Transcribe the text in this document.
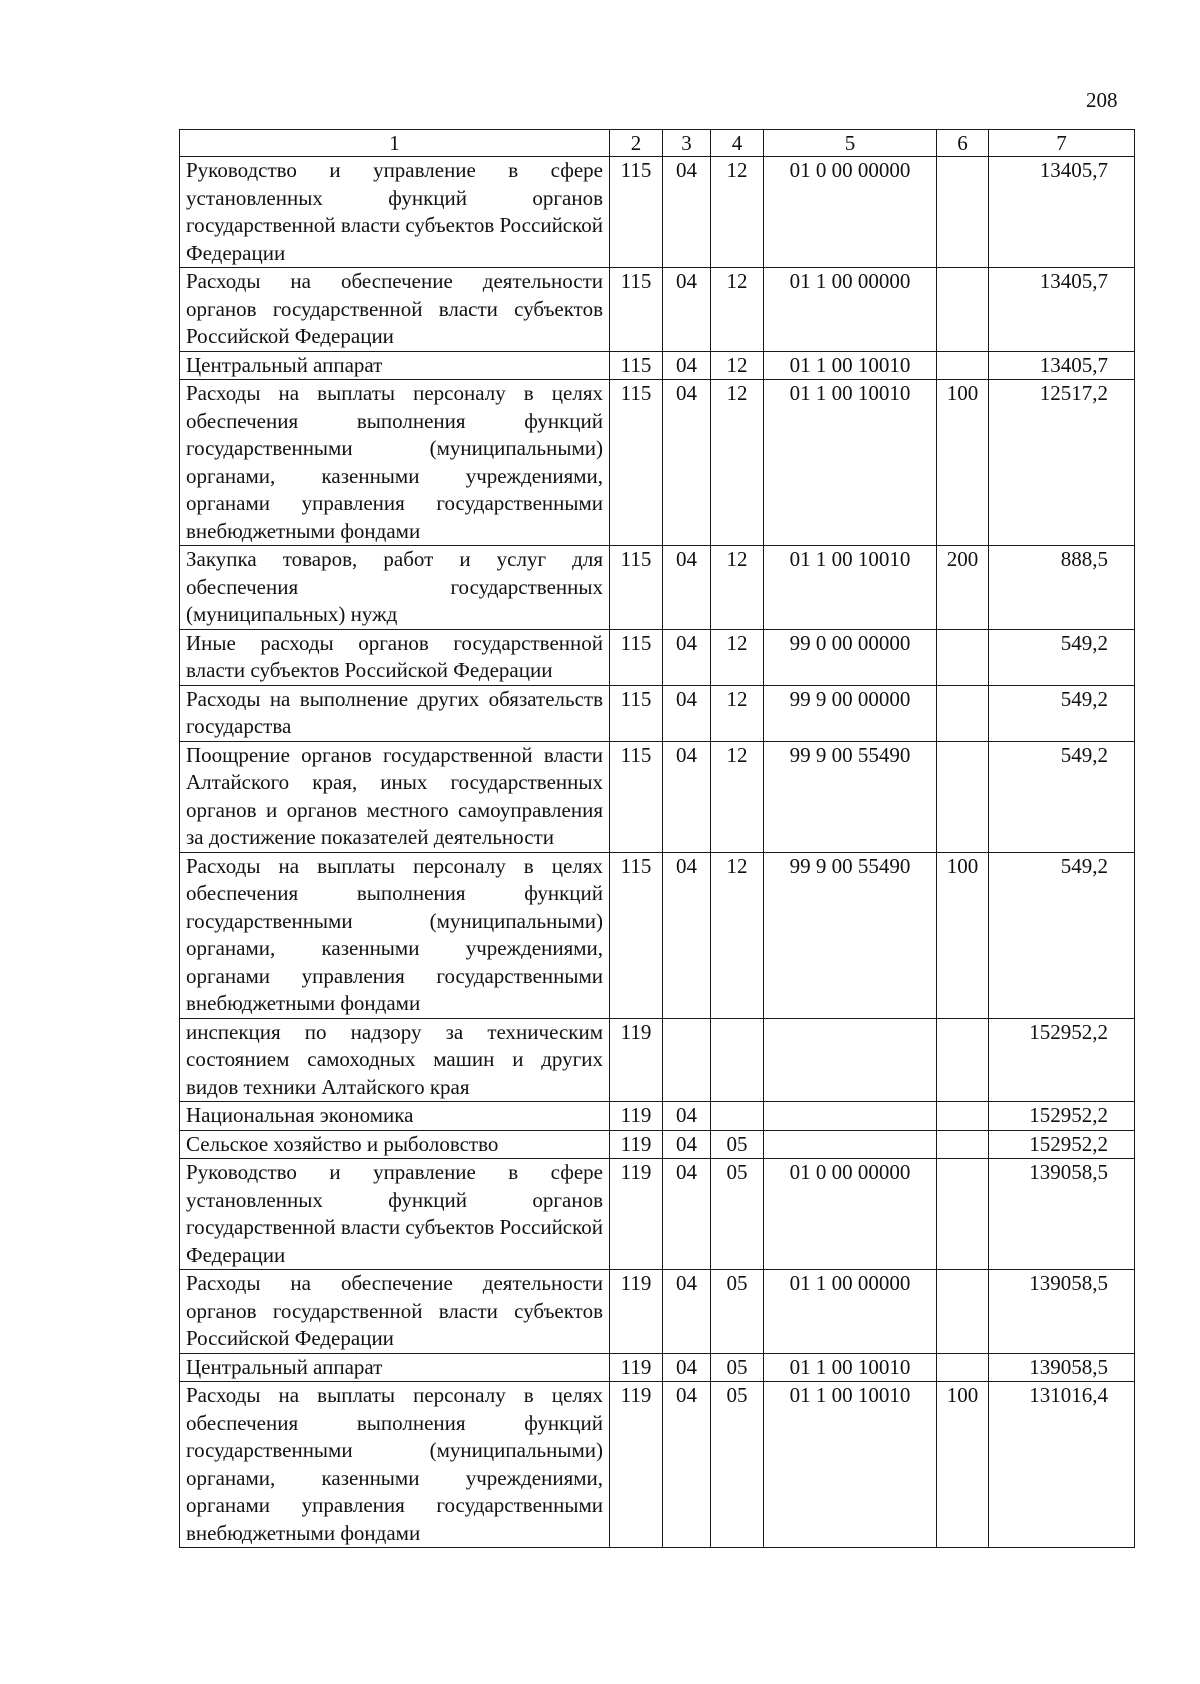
208
1	2	3	4	5	6	7
Руководство и управление в сфере установленных функций органов государственной власти субъектов Российской Федерации	115	04	12	01 0 00 00000		13405,7
Расходы на обеспечение деятельности органов государственной власти субъектов Российской Федерации	115	04	12	01 1 00 00000		13405,7
Центральный аппарат	115	04	12	01 1 00 10010		13405,7
Расходы на выплаты персоналу в целях обеспечения выполнения функций государственными (муниципальными) органами, казенными учреждениями, органами управления государственными внебюджетными фондами	115	04	12	01 1 00 10010	100	12517,2
Закупка товаров, работ и услуг для обеспечения государственных (муниципальных) нужд	115	04	12	01 1 00 10010	200	888,5
Иные расходы органов государственной власти субъектов Российской Федерации	115	04	12	99 0 00 00000		549,2
Расходы на выполнение других обязательств государства	115	04	12	99 9 00 00000		549,2
Поощрение органов государственной власти Алтайского края, иных государственных органов и органов местного самоуправления за достижение показателей деятельности	115	04	12	99 9 00 55490		549,2
Расходы на выплаты персоналу в целях обеспечения выполнения функций государственными (муниципальными) органами, казенными учреждениями, органами управления государственными внебюджетными фондами	115	04	12	99 9 00 55490	100	549,2
инспекция по надзору за техническим состоянием самоходных машин и других видов техники Алтайского края	119					152952,2
Национальная экономика	119	04				152952,2
Сельское хозяйство и рыболовство	119	04	05			152952,2
Руководство и управление в сфере установленных функций органов государственной власти субъектов Российской Федерации	119	04	05	01 0 00 00000		139058,5
Расходы на обеспечение деятельности органов государственной власти субъектов Российской Федерации	119	04	05	01 1 00 00000		139058,5
Центральный аппарат	119	04	05	01 1 00 10010		139058,5
Расходы на выплаты персоналу в целях обеспечения выполнения функций государственными (муниципальными) органами, казенными учреждениями, органами управления государственными внебюджетными фондами	119	04	05	01 1 00 10010	100	131016,4
